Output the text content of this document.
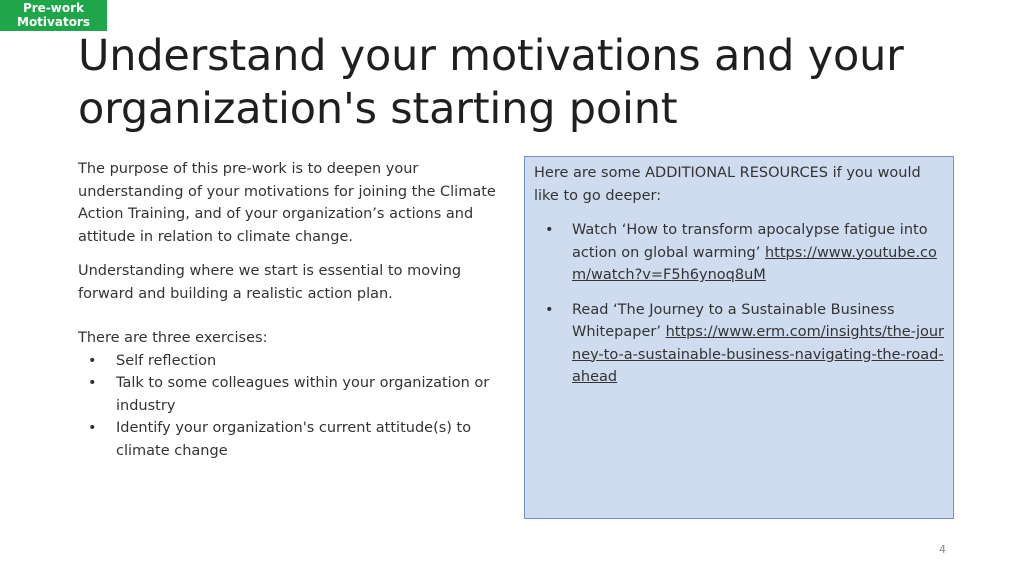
Pre-work
Motivators
Understand your motivations and your organization's starting point

The purpose of this pre-work is to deepen your understanding of your motivations for joining the Climate Action Training, and of your organization’s actions and attitude in relation to climate change.

Understanding where we start is essential to moving forward and building a realistic action plan.

There are three exercises:
• Self reflection
• Talk to some colleagues within your organization or industry
• Identify your organization's current attitude(s) to climate change

Here are some ADDITIONAL RESOURCES if you would like to go deeper:

• Watch ‘How to transform apocalypse fatigue into action on global warming’ https://www.youtube.com/watch?v=F5h6ynoq8uM
• Read ‘The Journey to a Sustainable Business Whitepaper’ https://www.erm.com/insights/the-journey-to-a-sustainable-business-navigating-the-road-ahead
4
